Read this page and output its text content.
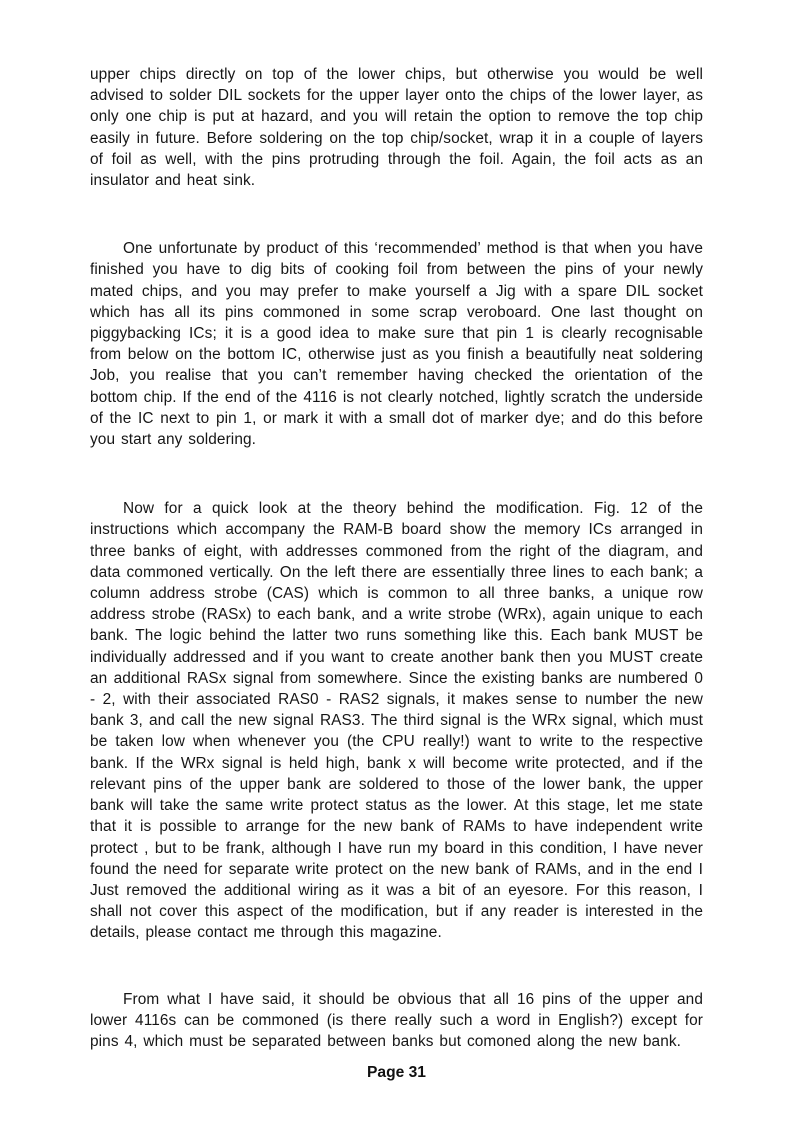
upper chips directly on top of the lower chips, but otherwise you would be well advised to solder DIL sockets for the upper layer onto the chips of the lower layer, as only one chip is put at hazard, and you will retain the option to remove the top chip easily in future. Before soldering on the top chip/socket, wrap it in a couple of layers of foil as well, with the pins protruding through the foil. Again, the foil acts as an insulator and heat sink.

One unfortunate by product of this ‘recommended’ method is that when you have finished you have to dig bits of cooking foil from between the pins of your newly mated chips, and you may prefer to make yourself a Jig with a spare DIL socket which has all its pins commoned in some scrap veroboard. One last thought on piggybacking ICs; it is a good idea to make sure that pin 1 is clearly recognisable from below on the bottom IC, otherwise just as you finish a beautifully neat soldering Job, you realise that you can’t remember having checked the orientation of the bottom chip. If the end of the 4116 is not clearly notched, lightly scratch the underside of the IC next to pin 1, or mark it with a small dot of marker dye; and do this before you start any soldering.

Now for a quick look at the theory behind the modification. Fig. 12 of the instructions which accompany the RAM-B board show the memory ICs arranged in three banks of eight, with addresses commoned from the right of the diagram, and data commoned vertically. On the left there are essentially three lines to each bank; a column address strobe (CAS) which is common to all three banks, a unique row address strobe (RASx) to each bank, and a write strobe (WRx), again unique to each bank. The logic behind the latter two runs something like this. Each bank MUST be individually addressed and if you want to create another bank then you MUST create an additional RASx signal from somewhere. Since the existing banks are numbered 0 - 2, with their associated RAS0 - RAS2 signals, it makes sense to number the new bank 3, and call the new signal RAS3. The third signal is the WRx signal, which must be taken low when whenever you (the CPU really!) want to write to the respective bank. If the WRx signal is held high, bank x will become write protected, and if the relevant pins of the upper bank are soldered to those of the lower bank, the upper bank will take the same write protect status as the lower. At this stage, let me state that it is possible to arrange for the new bank of RAMs to have independent write protect , but to be frank, although I have run my board in this condition, I have never found the need for separate write protect on the new bank of RAMs, and in the end I Just removed the additional wiring as it was a bit of an eyesore. For this reason, I shall not cover this aspect of the modification, but if any reader is interested in the details, please contact me through this magazine.

From what I have said, it should be obvious that all 16 pins of the upper and lower 4116s can be commoned (is there really such a word in English?) except for pins 4, which must be separated between banks but comoned along the new bank.

Page 31
